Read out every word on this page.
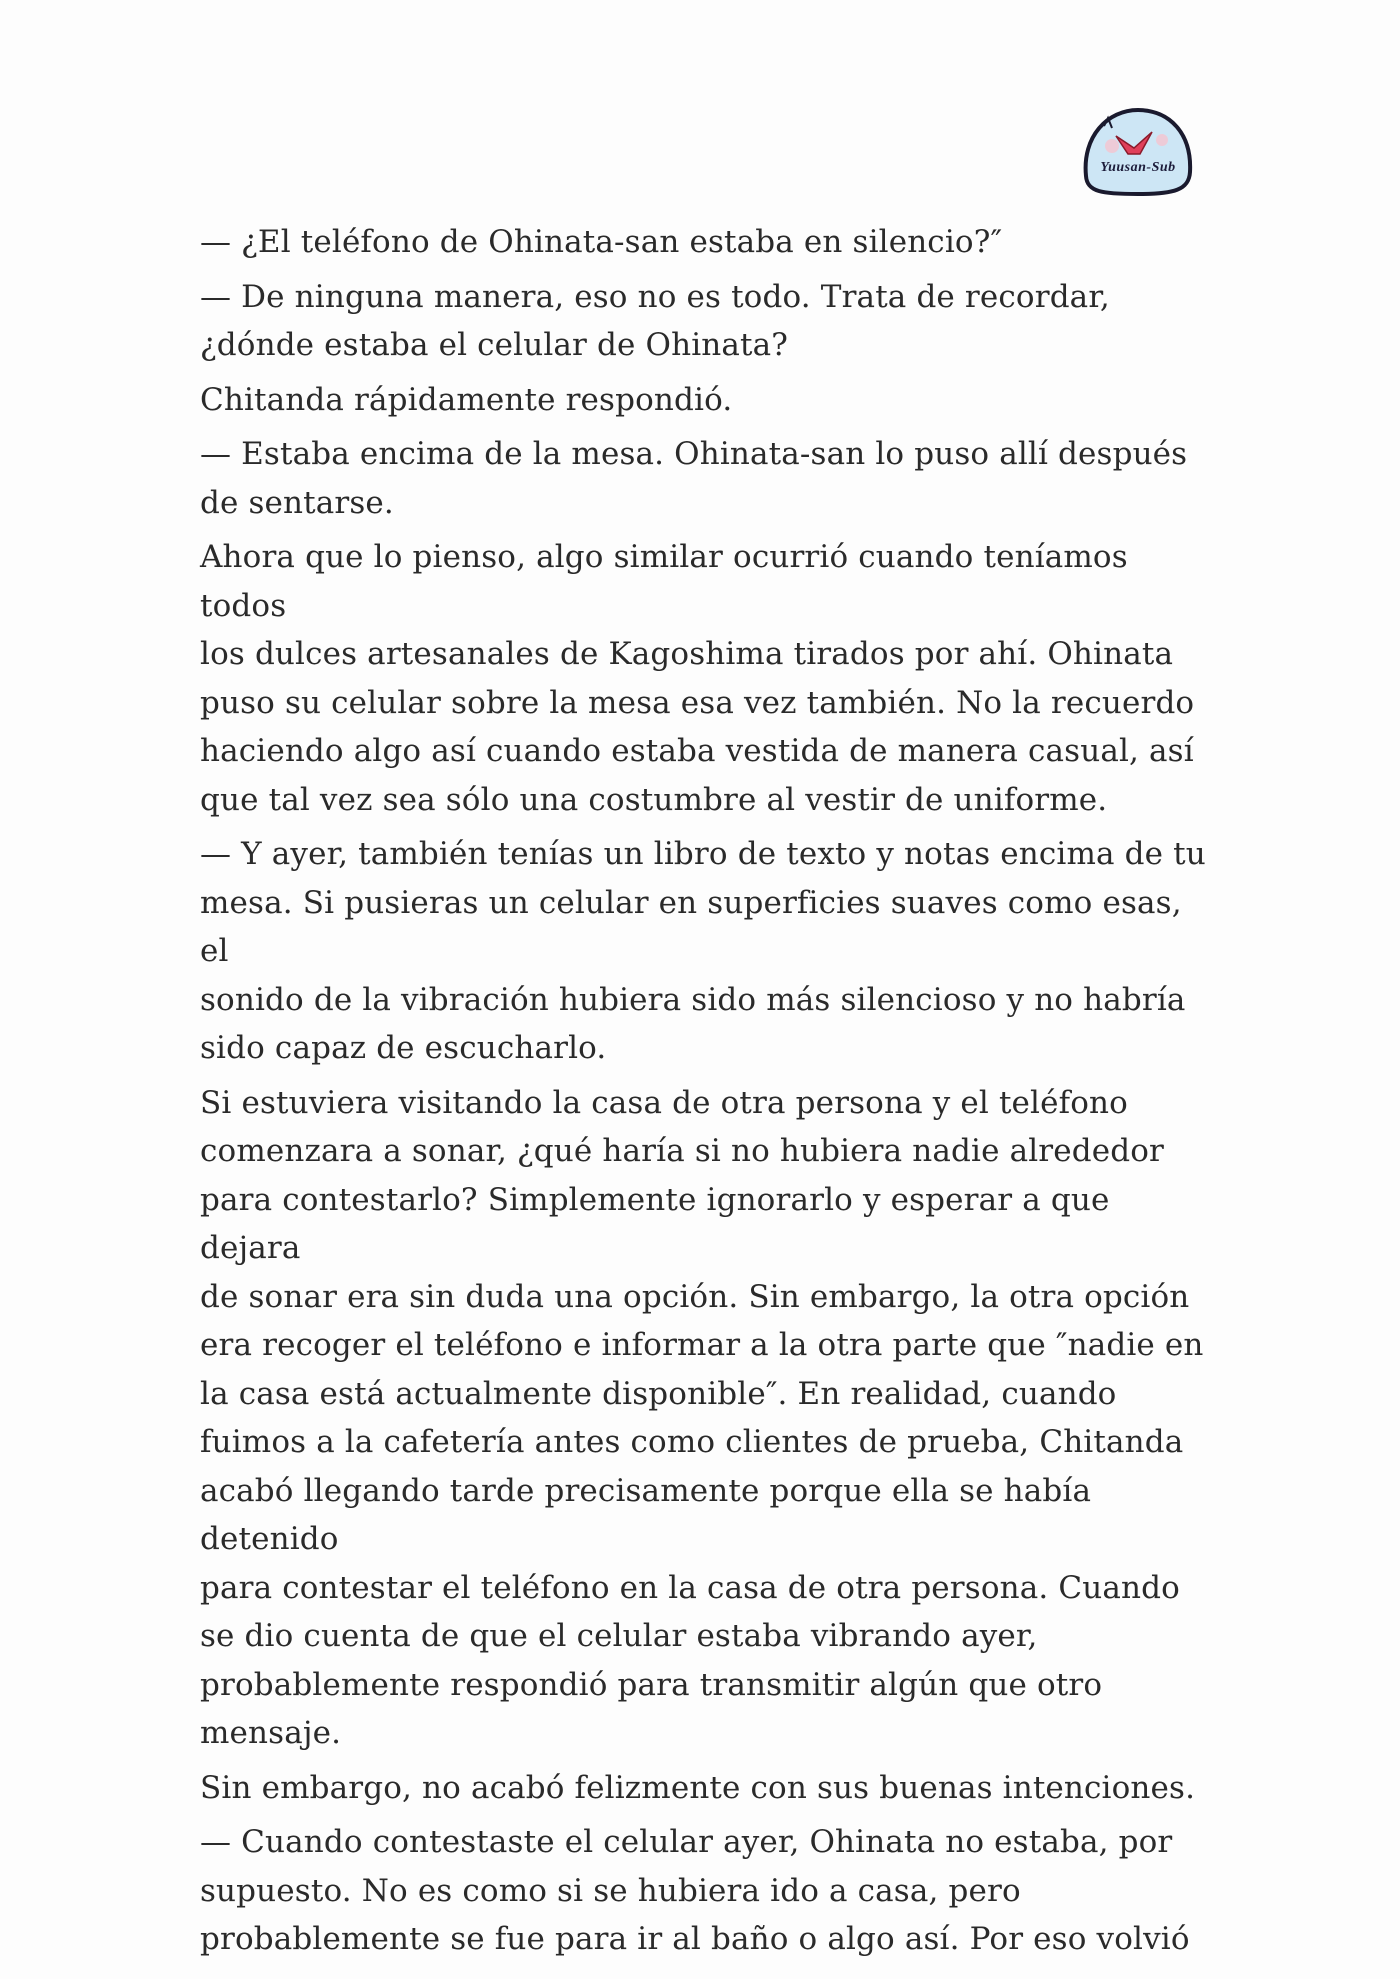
Yuusan-Sub

— ¿El teléfono de Ohinata-san estaba en silencio?″

— De ninguna manera, eso no es todo. Trata de recordar,
¿dónde estaba el celular de Ohinata?

Chitanda rápidamente respondió.

— Estaba encima de la mesa. Ohinata-san lo puso allí después
de sentarse.

Ahora que lo pienso, algo similar ocurrió cuando teníamos todos
los dulces artesanales de Kagoshima tirados por ahí. Ohinata
puso su celular sobre la mesa esa vez también. No la recuerdo
haciendo algo así cuando estaba vestida de manera casual, así
que tal vez sea sólo una costumbre al vestir de uniforme.

— Y ayer, también tenías un libro de texto y notas encima de tu
mesa. Si pusieras un celular en superficies suaves como esas, el
sonido de la vibración hubiera sido más silencioso y no habría
sido capaz de escucharlo.

Si estuviera visitando la casa de otra persona y el teléfono
comenzara a sonar, ¿qué haría si no hubiera nadie alrededor
para contestarlo? Simplemente ignorarlo y esperar a que dejara
de sonar era sin duda una opción. Sin embargo, la otra opción
era recoger el teléfono e informar a la otra parte que ″nadie en
la casa está actualmente disponible″. En realidad, cuando
fuimos a la cafetería antes como clientes de prueba, Chitanda
acabó llegando tarde precisamente porque ella se había detenido
para contestar el teléfono en la casa de otra persona. Cuando
se dio cuenta de que el celular estaba vibrando ayer,
probablemente respondió para transmitir algún que otro
mensaje.

Sin embargo, no acabó felizmente con sus buenas intenciones.

— Cuando contestaste el celular ayer, Ohinata no estaba, por
supuesto. No es como si se hubiera ido a casa, pero
probablemente se fue para ir al baño o algo así. Por eso volvió
